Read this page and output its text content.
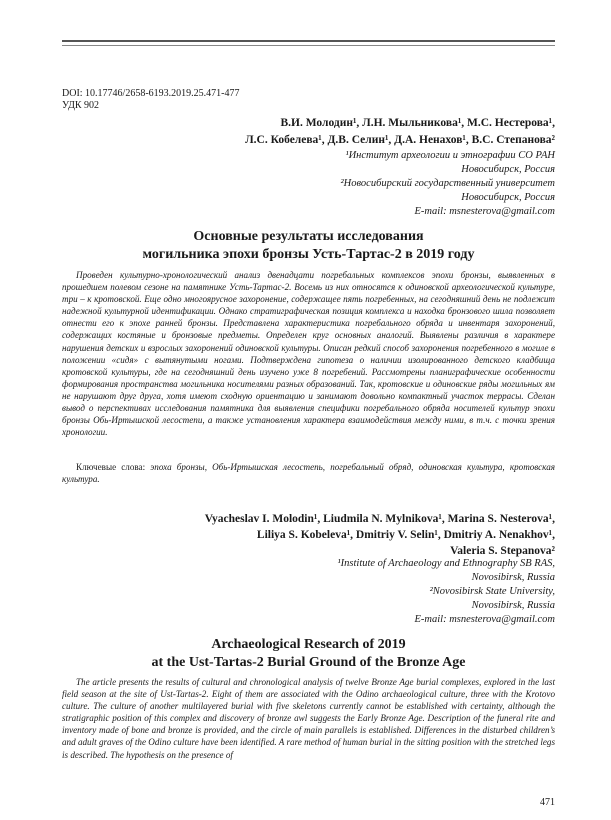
DOI: 10.17746/2658-6193.2019.25.471-477
УДК 902
В.И. Молодин¹, Л.Н. Мыльникова¹, М.С. Нестерова¹,
Л.С. Кобелева¹, Д.В. Селин¹, Д.А. Ненахов¹, В.С. Степанова²
¹Институт археологии и этнографии СО РАН
Новосибирск, Россия
²Новосибирский государственный университет
Новосибирск, Россия
E-mail: msnesterova@gmail.com
Основные результаты исследования
могильника эпохи бронзы Усть-Тартас-2 в 2019 году
Проведен культурно-хронологический анализ двенадцати погребальных комплексов эпохи бронзы, выявленных в прошедшем полевом сезоне на памятнике Усть-Тартас-2. Восемь из них относятся к одиновской археологической культуре, три – к кротовской. Еще одно многоярусное захоронение, содержащее пять погребенных, на сегодняшний день не подлежит надежной культурной идентификации. Однако стратиграфическая позиция комплекса и находка бронзового шила позволяет отнести его к эпохе ранней бронзы. Представлена характеристика погребального обряда и инвентаря захоронений, содержащих костяные и бронзовые предметы. Определен круг основных аналогий. Выявлены различия в характере нарушения детских и взрослых захоронений одиновской культуры. Описан редкий способ захоронения погребенного в могиле в положении «сидя» с вытянутыми ногами. Подтверждена гипотеза о наличии изолированного детского кладбища кротовской культуры, где на сегодняшний день изучено уже 8 погребений. Рассмотрены планиграфические особенности формирования пространства могильника носителями разных образований. Так, кротовские и одиновские ряды могильных ям не нарушают друг друга, хотя имеют сходную ориентацию и занимают довольно компактный участок террасы. Сделан вывод о перспективах исследования памятника для выявления специфики погребального обряда носителей культур эпохи бронзы Обь-Иртышской лесостепи, а также установления характера взаимодействия между ними, в т.ч. с точки зрения хронологии.
Ключевые слова: эпоха бронзы, Обь-Иртышская лесостепь, погребальный обряд, одиновская культура, кротовская культура.
Vyacheslav I. Molodin¹, Liudmila N. Mylnikova¹, Marina S. Nesterova¹,
Liliya S. Kobeleva¹, Dmitriy V. Selin¹, Dmitriy A. Nenakhov¹,
Valeria S. Stepanova²
¹Institute of Archaeology and Ethnography SB RAS,
Novosibirsk, Russia
²Novosibirsk State University,
Novosibirsk, Russia
E-mail: msnesterova@gmail.com
Archaeological Research of 2019
at the Ust-Tartas-2 Burial Ground of the Bronze Age
The article presents the results of cultural and chronological analysis of twelve Bronze Age burial complexes, explored in the last field season at the site of Ust-Tartas-2. Eight of them are associated with the Odino archaeological culture, three with the Krotovo culture. The culture of another multilayered burial with five skeletons currently cannot be established with certainty, although the stratigraphic position of this complex and discovery of bronze awl suggests the Early Bronze Age. Description of the funeral rite and inventory made of bone and bronze is provided, and the circle of main parallels is established. Differences in the disturbed children’s and adult graves of the Odino culture have been identified. A rare method of human burial in the sitting position with the stretched legs is described. The hypothesis on the presence of
471
